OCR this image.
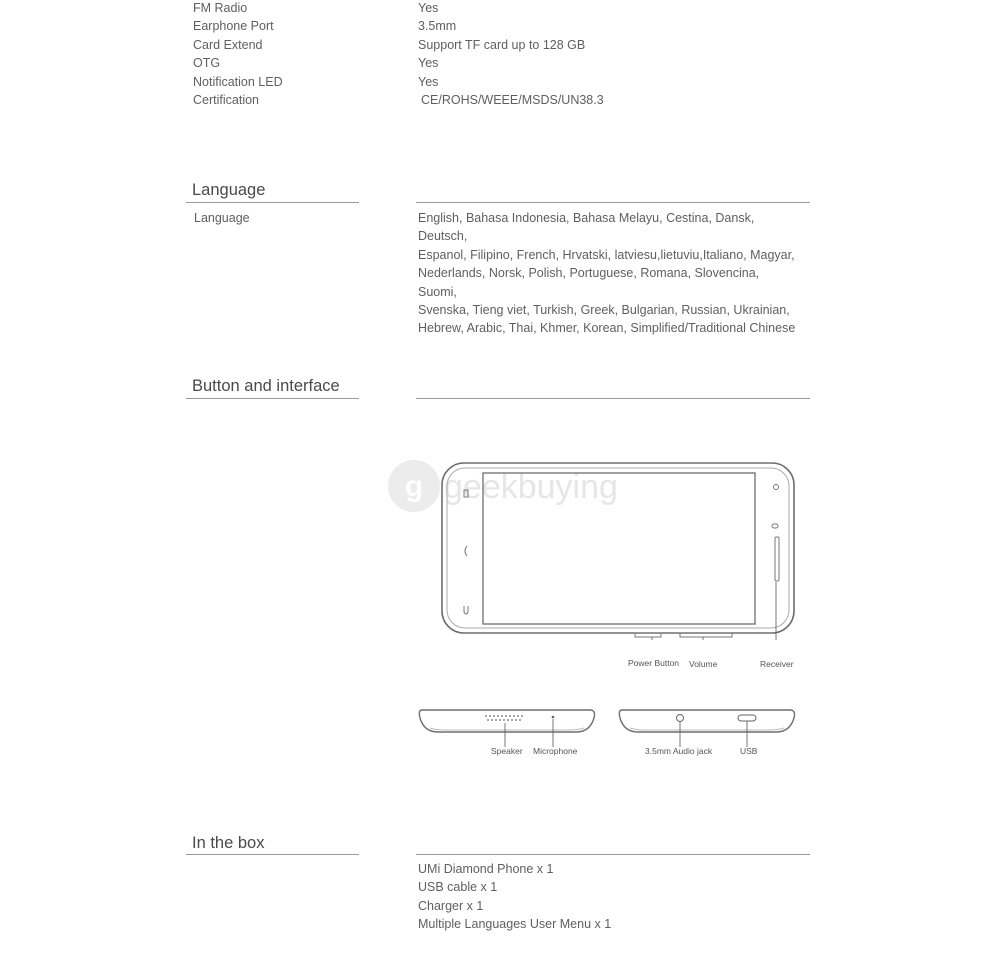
FM Radio	Yes
Earphone Port	3.5mm
Card Extend	Support TF card up to 128 GB
OTG	Yes
Notification LED	Yes
Certification	CE/ROHS/WEEE/MSDS/UN38.3
Language
Language	English, Bahasa Indonesia, Bahasa Melayu, Cestina, Dansk, Deutsch,
Espanol, Filipino, French, Hrvatski, latviesu,lietuviu,Italiano, Magyar,
Nederlands, Norsk, Polish, Portuguese, Romana, Slovencina, Suomi,
Svenska, Tieng viet, Turkish, Greek, Bulgarian, Russian, Ukrainian,
Hebrew, Arabic, Thai, Khmer, Korean, Simplified/Traditional Chinese
Button and interface
g geekbuying
Power Button Volume	Receiver
Speaker Microphone	3.5mm Audio jack	USB
In the box
UMi Diamond Phone x 1
USB cable x 1
Charger x 1
Multiple Languages User Menu x 1
